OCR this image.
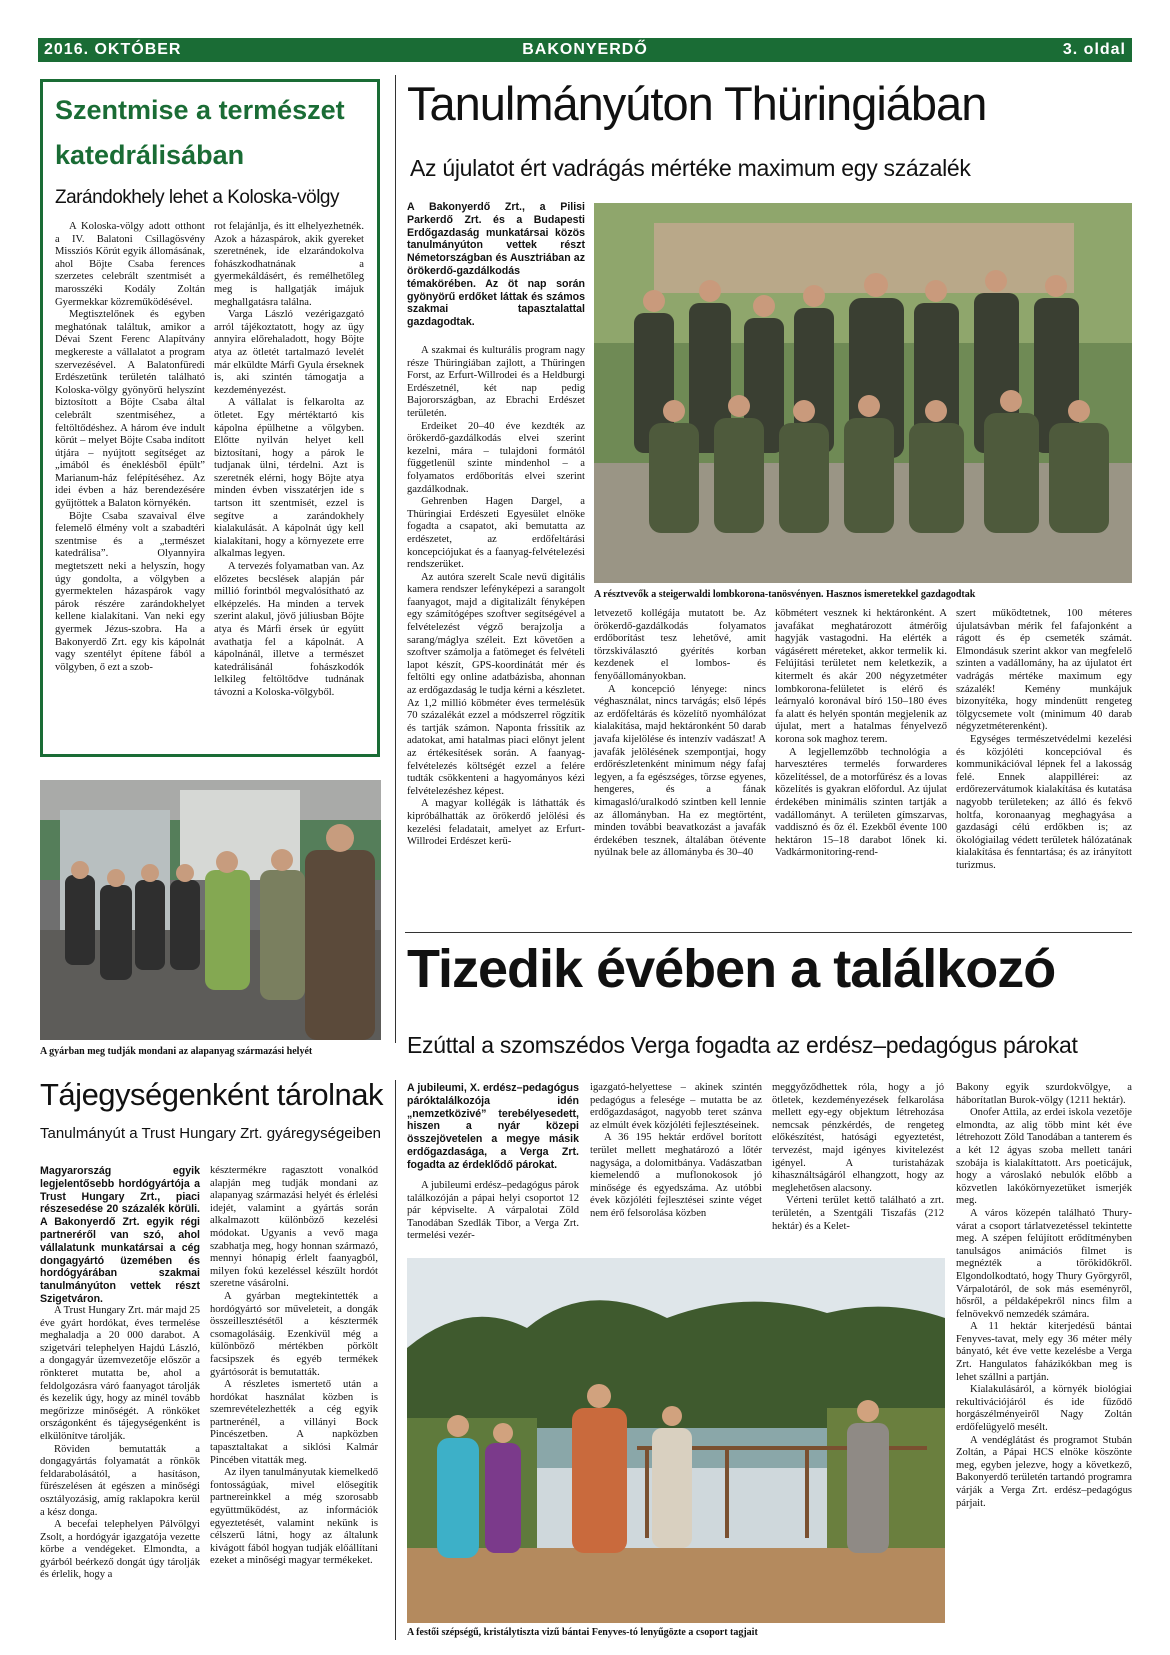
2016. OKTÓBER	BAKONYERDŐ	3. oldal
Szentmise a természet
katedrálisában
Zarándokhely lehet a Koloska-völgy

A Koloska-völgy adott otthont a IV. Balatoni Csillagösvény Missziós Körút egyik állomásának, ahol Böjte Csaba ferences szerzetes celebrált szentmisét a marosszéki Kodály Zoltán Gyermekkar közreműködésével.

Megtisztelőnek és egyben meghatónak találtuk, amikor a Dévai Szent Ferenc Alapítvány megkereste a vállalatot a program szervezésével. A Balatonfüredi Erdészetünk területén található Koloska-völgy gyönyörű helyszínt biztosított a Böjte Csaba által celebrált szentmiséhez, a feltöltődéshez. A három éve indult körút – melyet Böjte Csaba indított útjára – nyújtott segítséget az „imából és éneklésből épült” Marianum-ház felépítéséhez. Az idei évben a ház berendezésére gyűjtöttek a Balaton környékén.

Böjte Csaba szavaival élve felemelő élmény volt a szabadtéri szentmise és a „természet katedrálisa”. Olyannyira megtetszett neki a helyszín, hogy úgy gondolta, a völgyben a gyermektelen házaspárok vagy párok részére zarándokhelyet kellene kialakítani. Van neki egy gyermek Jézus-szobra. Ha a Bakonyerdő Zrt. egy kis kápolnát vagy szentélyt építene fából a völgyben, ő ezt a szob-

rot felajánlja, és itt elhelyezhetnék. Azok a házaspárok, akik gyereket szeretnének, ide elzarándokolva fohászkodhatnának a gyermekáldásért, és remélhetőleg meg is hallgatják imájuk meghallgatásra találna.

Varga László vezérigazgató arról tájékoztatott, hogy az ügy annyira előrehaladott, hogy Böjte atya az ötletét tartalmazó levelét már elküldte Márfi Gyula érseknek is, aki szintén támogatja a kezdeményezést.

A vállalat is felkarolta az ötletet. Egy mértéktartó kis kápolna épülhetne a völgyben. Előtte nyilván helyet kell biztosítani, hogy a párok le tudjanak ülni, térdelni. Azt is szeretnék elérni, hogy Böjte atya minden évben visszatérjen ide s tartson itt szentmisét, ezzel is segítve a zarándokhely kialakulását. A kápolnát úgy kell kialakítani, hogy a környezete erre alkalmas legyen.

A tervezés folyamatban van. Az előzetes becslések alapján pár millió forintból megvalósítható az elképzelés. Ha minden a tervek szerint alakul, jövő júliusban Böjte atya és Márfi érsek úr együtt avathatja fel a kápolnát. A kápolnánál, illetve a természet katedrálisánál fohászkodók lelkileg feltöltődve tudnának távozni a Koloska-völgyből.

A gyárban meg tudják mondani az alapanyag származási helyét
Tájegységenként tárolnak
Tanulmányút a Trust Hungary Zrt. gyáregységeiben

Magyarország egyik legjelentősebb hordógyártója a Trust Hungary Zrt., piaci részesedése 20 százalék körüli. A Bakonyerdő Zrt. egyik régi partneréről van szó, ahol vállalatunk munkatársai a cég dongagyártó üzemében és hordógyárában szakmai tanulmányúton vettek részt Szigetváron.

A Trust Hungary Zrt. már majd 25 éve gyárt hordókat, éves termelése meghaladja a 20 000 darabot. A szigetvári telephelyen Hajdú László, a dongagyár üzemvezetője először a rönkteret mutatta be, ahol a feldolgozásra váró faanyagot tárolják és kezelik úgy, hogy az minél tovább megőrizze minőségét. A rönköket országonként és tájegységenként is elkülönítve tárolják.

Röviden bemutatták a dongagyártás folyamatát a rönkök feldarabolásától, a hasításon, fűrészelésen át egészen a minőségi osztályozásig, amíg raklapokra kerül a kész donga.

A becefai telephelyen Pálvölgyi Zsolt, a hordógyár igazgatója vezette körbe a vendégeket. Elmondta, a gyárból beérkező dongát úgy tárolják és érlelik, hogy a

késztermékre ragasztott vonalkód alapján meg tudják mondani az alapanyag származási helyét és érlelési idejét, valamint a gyártás során alkalmazott különböző kezelési módokat. Ugyanis a vevő maga szabhatja meg, hogy honnan származó, mennyi hónapig érlelt faanyagból, milyen fokú kezeléssel készült hordót szeretne vásárolni.

A gyárban megtekintették a hordógyártó sor műveleteit, a dongák összeillesztésétől a késztermék csomagolásáig. Ezenkívül még a különböző mértékben pörkölt facsipszek és egyéb termékek gyártósorát is bemutatták.

A részletes ismertető után a hordókat használat közben is szemrevételezhették a cég egyik partnerénél, a villányi Bock Pincészetben. A napközben tapasztaltakat a siklósi Kalmár Pincében vitatták meg.

Az ilyen tanulmányutak kiemelkedő fontosságúak, mivel elősegítik partnereinkkel a még szorosabb együttműködést, az információk egyeztetését, valamint nekünk is célszerű látni, hogy az általunk kivágott fából hogyan tudják előállítani ezeket a minőségi magyar termékeket.

Tanulmányúton Thüringiában
Az újulatot ért vadrágás mértéke maximum egy százalék

A Bakonyerdő Zrt., a Pilisi Parkerdő Zrt. és a Budapesti Erdőgazdaság munkatársai közös tanulmányúton vettek részt Németországban és Ausztriában az örökerdő-gazdálkodás témakörében. Az öt nap során gyönyörű erdőket láttak és számos szakmai tapasztalattal gazdagodtak.

A szakmai és kulturális program nagy része Thüringiában zajlott, a Thüringen Forst, az Erfurt-Willrodei és a Heldburgi Erdészetnél, két nap pedig Bajorországban, az Ebrachi Erdészet területén.

Erdeiket 20–40 éve kezdték az örökerdő-gazdálkodás elvei szerint kezelni, mára – tulajdoni formától függetlenül szinte mindenhol – a folyamatos erdőborítás elvei szerint gazdálkodnak.

Gehrenben Hagen Dargel, a Thüringiai Erdészeti Egyesület elnöke fogadta a csapatot, aki bemutatta az erdészetet, az erdőfeltárási koncepciójukat és a faanyag-felvételezési rendszerüket.

Az autóra szerelt Scale nevű digitális kamera rendszer lefényképezi a sarangolt faanyagot, majd a digitalizált fényképen egy számítógépes szoftver segítségével a felvételezést végző berajzolja a sarang/máglya széleit. Ezt követően a szoftver számolja a fatömeget és felvételi lapot készít, GPS-koordinátát mér és feltölti egy online adatbázisba, ahonnan az erdőgazdaság le tudja kérni a készletet. Az 1,2 millió köbméter éves termelésük 70 százalékát ezzel a módszerrel rögzítik és tartják számon. Naponta frissítik az adatokat, ami hatalmas piaci előnyt jelent az értékesítések során. A faanyag-felvételezés költségét ezzel a felére tudták csökkenteni a hagyományos kézi felvételezéshez képest.

A magyar kollégák is láthatták és kipróbálhatták az örökerdő jelölési és kezelési feladatait, amelyet az Erfurt-Willrodei Erdészet kerü-

A résztvevők a steigerwaldi lombkorona-tanösvényen. Hasznos ismeretekkel gazdagodtak

letvezető kollégája mutatott be. Az örökerdő-gazdálkodás folyamatos erdőborítást tesz lehetővé, amit törzskiválasztó gyérítés korban kezdenek el lombos- és fenyőállományokban.

A koncepció lényege: nincs véghasználat, nincs tarvágás; első lépés az erdőfeltárás és közelítő nyomhálózat kialakítása, majd hektáronként 50 darab javafa kijelölése és intenzív vadászat! A javafák jelölésének szempontjai, hogy erdőrészletenként minimum négy fafaj legyen, a fa egészséges, törzse egyenes, hengeres, és a fának kimagasló/uralkodó szintben kell lennie az állományban. Ha ez megtörtént, minden további beavatkozást a javafák érdekében tesznek, általában ötévente nyúlnak bele az állományba és 30–40

köbmétert vesznek ki hektáronként. A javafákat meghatározott átmérőig hagyják vastagodni. Ha elérték a vágásérett méreteket, akkor termelik ki. Felújítási területet nem keletkezik, a kitermelt és akár 200 négyzetméter lombkorona-felületet is elérő és leárnyaló koronával bíró 150–180 éves fa alatt és helyén spontán megjelenik az újulat, mert a hatalmas fényelvező korona sok maghoz terem.

A legjellemzőbb technológia a harvesztéres termelés forwarderes közelítéssel, de a motorfűrész és a lovas közelítés is gyakran előfordul. Az újulat érdekében minimális szinten tartják a vadállományt. A területen gímszarvas, vaddisznó és őz él. Ezekből évente 100 hektáron 15–18 darabot lőnek ki. Vadkármonitoring-rend-

szert működtetnek, 100 méteres újulatsávban mérik fel fafajonként a rágott és ép csemeték számát. Elmondásuk szerint akkor van megfelelő szinten a vadállomány, ha az újulatot ért vadrágás mértéke maximum egy százalék! Kemény munkájuk bizonyítéka, hogy mindenütt rengeteg tölgycsemete volt (minimum 40 darab négyzetméterenként).

Egységes természetvédelmi kezelési és közjóléti koncepcióval és kommunikációval lépnek fel a lakosság felé. Ennek alappillérei: az erdőrezervátumok kialakítása és kutatása nagyobb területeken; az álló és fekvő holtfa, koronaanyag meghagyása a gazdasági célú erdőkben is; az ökológiailag védett területek hálózatának kialakítása és fenntartása; és az irányított turizmus.

Tizedik évében a találkozó
Ezúttal a szomszédos Verga fogadta az erdész–pedagógus párokat

A jubileumi, X. erdész–pedagógus páróktalálkozója idén „nemzetközivé” terebélyesedett, hiszen a nyár közepi összejövetelen a megye másik erdőgazdasága, a Verga Zrt. fogadta az érdeklődő párokat.

A jubileumi erdész–pedagógus párok találkozóján a pápai helyi csoportot 12 pár képviselte. A várpalotai Zöld Tanodában Szedlák Tibor, a Verga Zrt. termelési vezér-

igazgató-helyettese – akinek szintén pedagógus a felesége – mutatta be az erdőgazdaságot, nagyobb teret szánva az elmúlt évek közjóléti fejlesztéseinek.

A 36 195 hektár erdővel borított terület mellett meghatározó a lőtér nagysága, a dolomitbánya. Vadászatban kiemelendő a muflonokosok jó minősége és egyedszáma. Az utóbbi évek közjóléti fejlesztései szinte véget nem érő felsorolása közben

meggyőződhettek róla, hogy a jó ötletek, kezdeményezések felkarolása mellett egy-egy objektum létrehozása nemcsak pénzkérdés, de rengeteg előkészítést, hatósági egyeztetést, tervezést, majd igényes kivitelezést igényel. A turistaházak kihasználtságáról elhangzott, hogy az meglehetősen alacsony.

Vérteni terület kettő található a zrt. területén, a Szentgáli Tiszafás (212 hektár) és a Kelet-

Bakony egyik szurdokvölgye, a háborítatlan Burok-völgy (1211 hektár).

Onofer Attila, az erdei iskola vezetője elmondta, az alig több mint két éve létrehozott Zöld Tanodában a tanterem és a két 12 ágyas szoba mellett tanári szobája is kialakíttatott. Ars poeticájuk, hogy a városlakó nebulók előbb a közvetlen lakókörnyezetüket ismerjék meg.

A város közepén található Thury-várat a csoport tárlatvezetéssel tekintette meg. A szépen felújított erődítményben tanulságos animációs filmet is megnézték a törökidőkről. Elgondolkodtató, hogy Thury Györgyről, Várpalotáról, de sok más eseményről, hősről, a példaképekről nincs film a felnövekvő nemzedék számára.

A 11 hektár kiterjedésű bántai Fenyves-tavat, mely egy 36 méter mély bányató, két éve vette kezelésbe a Verga Zrt. Hangulatos faházikókban meg is lehet szállni a partján.

Kialakulásáról, a környék biológiai rekultivációjáról és ide fűződő horgászélményeiről Nagy Zoltán erdőfelügyelő mesélt.

A vendéglátást és programot Stubán Zoltán, a Pápai HCS elnöke köszönte meg, egyben jelezve, hogy a következő, Bakonyerdő területén tartandó programra várják a Verga Zrt. erdész–pedagógus párjait.

A festői szépségű, kristálytiszta vizű bántai Fenyves-tó lenyűgözte a csoport tagjait
